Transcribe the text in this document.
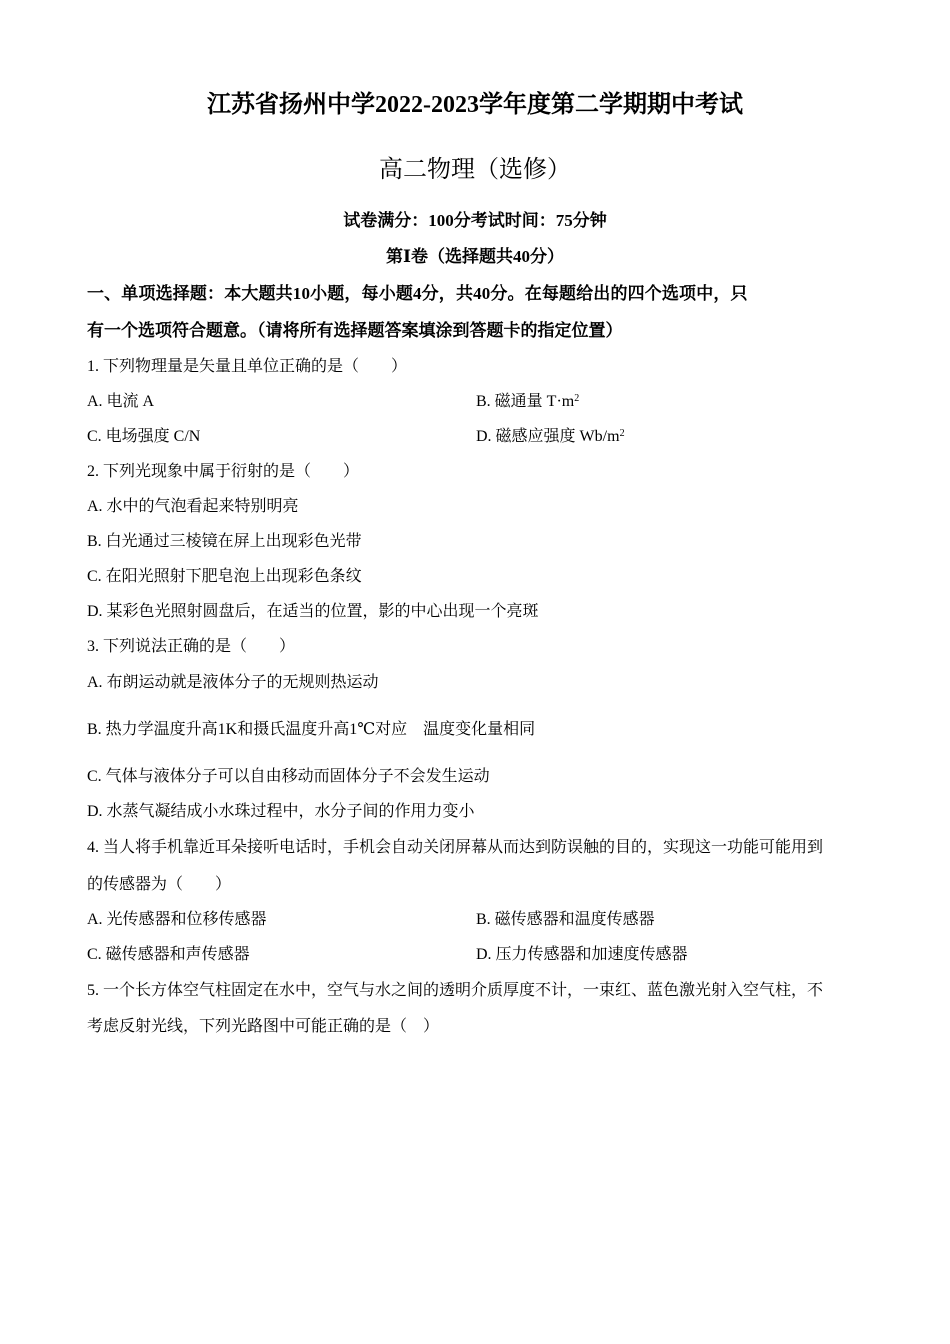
江苏省扬州中学2022-2023学年度第二学期期中考试
高二物理（选修）
试卷满分：100分考试时间：75分钟
第Ⅰ卷（选择题共40分）
一、单项选择题：本大题共10小题，每小题4分，共40分。在每题给出的四个选项中，只
有一个选项符合题意。（请将所有选择题答案填涂到答题卡的指定位置）
1. 下列物理量是矢量且单位正确的是（　　）
A. 电流 A	B. 磁通量 $T\cdot m^2$
C. 电场强度 C/N	D. 磁感应强度 $Wb/m^2$
2. 下列光现象中属于衍射的是（　　）
A. 水中的气泡看起来特别明亮
B. 白光通过三棱镜在屏上出现彩色光带
C. 在阳光照射下肥皂泡上出现彩色条纹
D. 某彩色光照射圆盘后，在适当的位置，影的中心出现一个亮斑
3. 下列说法正确的是（　　）
A. 布朗运动就是液体分子的无规则热运动
B. 热力学温度升高1K和摄氏温度升高1℃对应　温度变化量相同
C. 气体与液体分子可以自由移动而固体分子不会发生运动
D. 水蒸气凝结成小水珠过程中，水分子间的作用力变小
4. 当人将手机靠近耳朵接听电话时，手机会自动关闭屏幕从而达到防误触的目的，实现这一功能可能用到
的传感器为（　　）
A. 光传感器和位移传感器	B. 磁传感器和温度传感器
C. 磁传感器和声传感器	D. 压力传感器和加速度传感器
5. 一个长方体空气柱固定在水中，空气与水之间的透明介质厚度不计，一束红、蓝色激光射入空气柱，不
考虑反射光线，下列光路图中可能正确的是（　）
